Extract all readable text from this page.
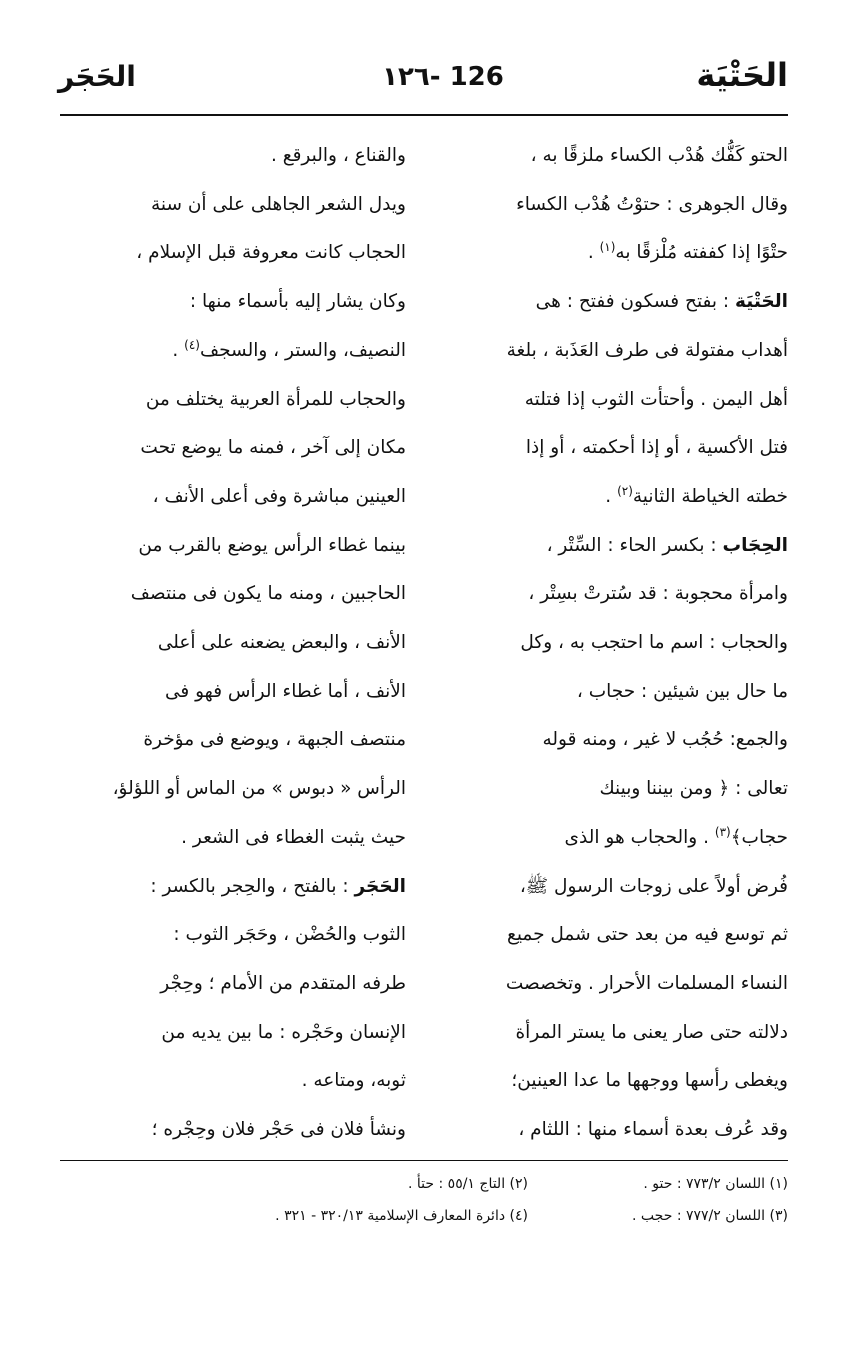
الحَتْيَة
١٢٦- 126
الحَجَر

الحتو كَفُّك هُدْب الكساء ملزقًا به ،

وقال الجوهرى : حتوْتُ هُدْب الكساء

حتْوًا إذا كففته مُلْزقًا به$^{(١)}$ .

الحَتْيَة : بفتح فسكون ففتح : هى

أهداب مفتولة فى طرف العَذَبة ، بلغة

أهل اليمن . وأحتأت الثوب إذا فتلته

فتل الأكسية ، أو إذا أحكمته ، أو إذا

خطته الخياطة الثانية$^{(٢)}$ .

الحِجَاب : بكسر الحاء : السِّتْر ،

وامرأة محجوبة : قد سُترتْ بسِتْر ،

والحجاب : اسم ما احتجب به ، وكل

ما حال بين شيئين : حجاب ،

والجمع: حُجُب لا غير ، ومنه قوله

تعالى : ﴿ ومن بيننا وبينك

حجاب﴾$^{(٣)}$ . والحجاب هو الذى

فُرض أولاً على زوجات الرسول ﷺ،

ثم توسع فيه من بعد حتى شمل جميع

النساء المسلمات الأحرار . وتخصصت

دلالته حتى صار يعنى ما يستر المرأة

ويغطى رأسها ووجهها ما عدا العينين؛

وقد عُرف بعدة أسماء منها : اللثام ،

والقناع ، والبرقع .

ويدل الشعر الجاهلى على أن سنة

الحجاب كانت معروفة قبل الإسلام ،

وكان يشار إليه بأسماء منها :

النصيف، والستر ، والسجف$^{(٤)}$ .

والحجاب للمرأة العربية يختلف من

مكان إلى آخر ، فمنه ما يوضع تحت

العينين مباشرة وفى أعلى الأنف ،

بينما غطاء الرأس يوضع بالقرب من

الحاجبين ، ومنه ما يكون فى منتصف

الأنف ، والبعض يضعنه على أعلى

الأنف ، أما غطاء الرأس فهو فى

منتصف الجبهة ، ويوضع فى مؤخرة

الرأس « دبوس » من الماس أو اللؤلؤ،

حيث يثبت الغطاء فى الشعر .

الحَجَر : بالفتح ، والحِجر بالكسر :

الثوب والحُضْن ، وحَجَر الثوب :

طرفه المتقدم من الأمام ؛ وحِجْر

الإنسان وحَجْره : ما بين يديه من

ثوبه، ومتاعه .

ونشأ فلان فى حَجْر فلان وحِجْره ؛

(١) اللسان ٧٧٣/٢ : حتو .
(٢) التاج ٥٥/١ : حتأ .
(٣) اللسان ٧٧٧/٢ : حجب .
(٤) دائرة المعارف الإسلامية ٣٢٠/١٣ - ٣٢١ .
